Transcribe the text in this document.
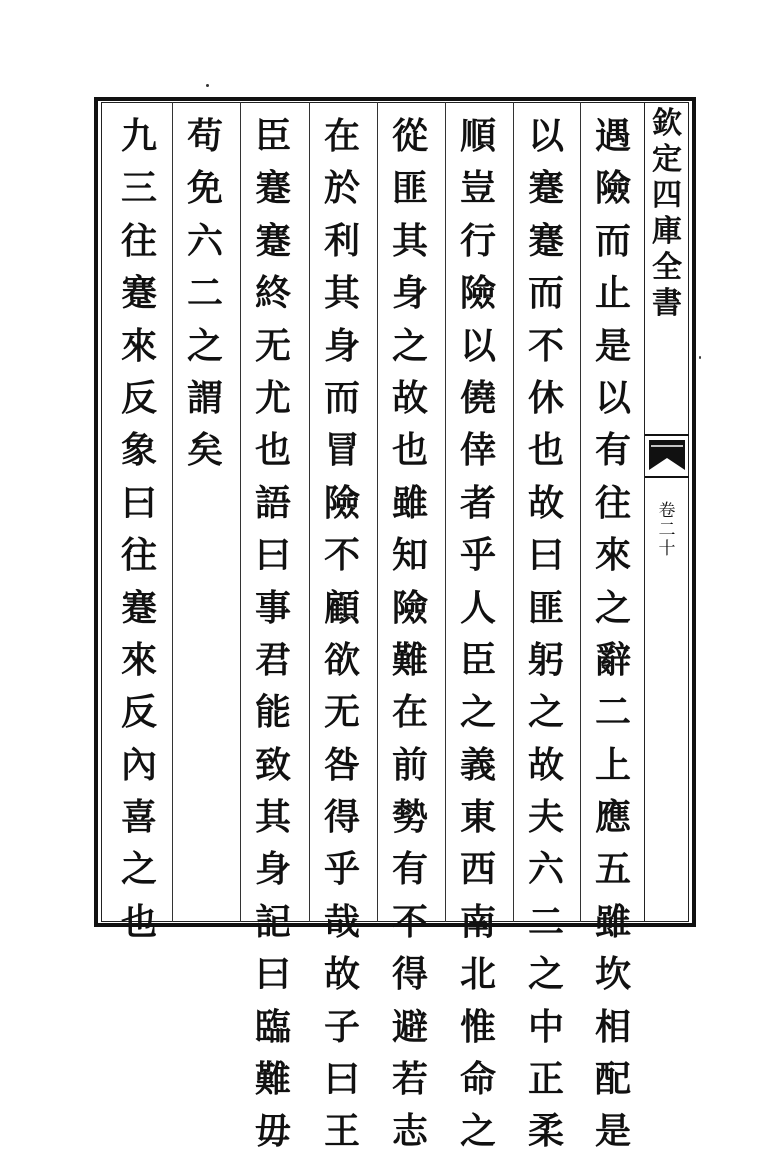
遇
險
而
止
是
以
有
往
來
之
辭
二
上
應
五
雖
坎
相
配
是
以
蹇
蹇
而
不
休
也
故
曰
匪
躬
之
故
夫
六
二
之
中
正
柔
順
豈
行
險
以
僥
倖
者
乎
人
臣
之
義
東
西
南
北
惟
命
之
從
匪
其
身
之
故
也
雖
知
險
難
在
前
勢
有
不
得
避
若
志
在
於
利
其
身
而
冒
險
不
顧
欲
无
咎
得
乎
哉
故
子
曰
王
臣
蹇
蹇
終
无
尤
也
語
曰
事
君
能
致
其
身
記
曰
臨
難
毋
苟
免
六
二
之
謂
矣
九
三
往
蹇
來
反
象
曰
往
蹇
來
反
內
喜
之
也
欽
定
四
庫
全
書
卷
二
十
